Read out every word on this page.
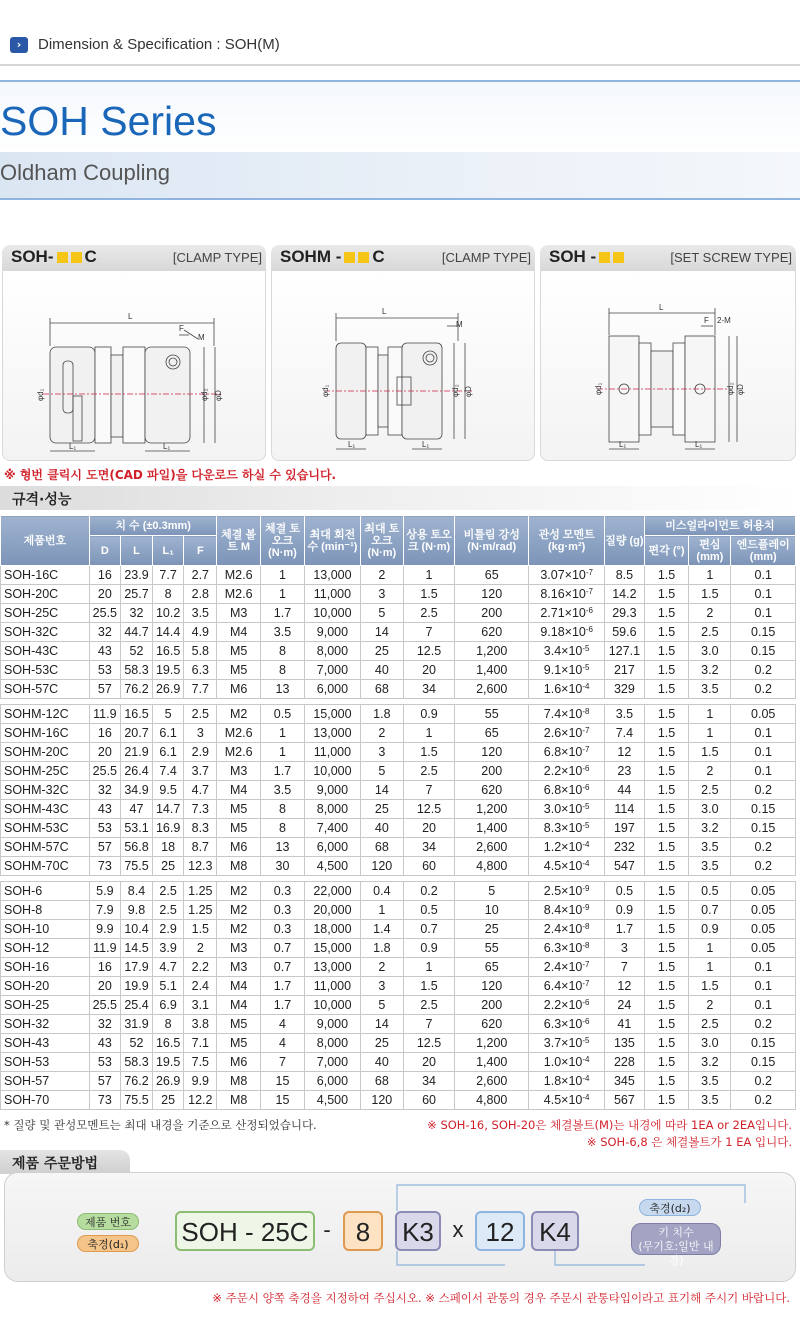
›	Dimension & Specification : SOH(M)
SOH Series
Oldham Coupling
SOH- C	[CLAMP TYPE]
L
F
M
L₁	L₁
φd₁	φd₂ φD
SOHM - C	[CLAMP TYPE]
L
M
L₁	L₁
φd₁	φd₂ φD
SOH -	[SET SCREW TYPE]
L
F 2-M
L₁	L₁
φd₁	φd₂ φD
※ 형번 클릭시 도면(CAD 파일)을 다운로드 하실 수 있습니다.
규격·성능
제품번호	치 수 (±0.3mm)				체결 볼트 M	체결 토오크 (N·m)	최대 회전수 (min⁻¹)	최대 토오크 (N·m)	상용 토오크 (N·m)	비틀림 강성 (N·m/rad)	관성 모멘트 (kg·m²)	질량 (g)	미스얼라이먼트 허용치		
	D	L	L₁	F									편각 (°)	편심 (mm)	엔드플레이 (mm)
SOH-16C	16	23.9	7.7	2.7	M2.6	1	13,000	2	1	65	$3.07\times 10^{-7}$	8.5	1.5	1	0.1
SOH-20C	20	25.7	8	2.8	M2.6	1	11,000	3	1.5	120	$8.16\times 10^{-7}$	14.2	1.5	1.5	0.1
SOH-25C	25.5	32	10.2	3.5	M3	1.7	10,000	5	2.5	200	$2.71\times 10^{-6}$	29.3	1.5	2	0.1
SOH-32C	32	44.7	14.4	4.9	M4	3.5	9,000	14	7	620	$9.18\times 10^{-6}$	59.6	1.5	2.5	0.15
SOH-43C	43	52	16.5	5.8	M5	8	8,000	25	12.5	1,200	$3.4\times 10^{-5}$	127.1	1.5	3.0	0.15
SOH-53C	53	58.3	19.5	6.3	M5	8	7,000	40	20	1,400	$9.1\times 10^{-5}$	217	1.5	3.2	0.2
SOH-57C	57	76.2	26.9	7.7	M6	13	6,000	68	34	2,600	$1.6\times 10^{-4}$	329	1.5	3.5	0.2

SOHM-12C	11.9	16.5	5	2.5	M2	0.5	15,000	1.8	0.9	55	$7.4\times 10^{-8}$	3.5	1.5	1	0.05
SOHM-16C	16	20.7	6.1	3	M2.6	1	13,000	2	1	65	$2.6\times 10^{-7}$	7.4	1.5	1	0.1
SOHM-20C	20	21.9	6.1	2.9	M2.6	1	11,000	3	1.5	120	$6.8\times 10^{-7}$	12	1.5	1.5	0.1
SOHM-25C	25.5	26.4	7.4	3.7	M3	1.7	10,000	5	2.5	200	$2.2\times 10^{-6}$	23	1.5	2	0.1
SOHM-32C	32	34.9	9.5	4.7	M4	3.5	9,000	14	7	620	$6.8\times 10^{-6}$	44	1.5	2.5	0.2
SOHM-43C	43	47	14.7	7.3	M5	8	8,000	25	12.5	1,200	$3.0\times 10^{-5}$	114	1.5	3.0	0.15
SOHM-53C	53	53.1	16.9	8.3	M5	8	7,400	40	20	1,400	$8.3\times 10^{-5}$	197	1.5	3.2	0.15
SOHM-57C	57	56.8	18	8.7	M6	13	6,000	68	34	2,600	$1.2\times 10^{-4}$	232	1.5	3.5	0.2
SOHM-70C	73	75.5	25	12.3	M8	30	4,500	120	60	4,800	$4.5\times 10^{-4}$	547	1.5	3.5	0.2

SOH-6	5.9	8.4	2.5	1.25	M2	0.3	22,000	0.4	0.2	5	$2.5\times 10^{-9}$	0.5	1.5	0.5	0.05
SOH-8	7.9	9.8	2.5	1.25	M2	0.3	20,000	1	0.5	10	$8.4\times 10^{-9}$	0.9	1.5	0.7	0.05
SOH-10	9.9	10.4	2.9	1.5	M2	0.3	18,000	1.4	0.7	25	$2.4\times 10^{-8}$	1.7	1.5	0.9	0.05
SOH-12	11.9	14.5	3.9	2	M3	0.7	15,000	1.8	0.9	55	$6.3\times 10^{-8}$	3	1.5	1	0.05
SOH-16	16	17.9	4.7	2.2	M3	0.7	13,000	2	1	65	$2.4\times 10^{-7}$	7	1.5	1	0.1
SOH-20	20	19.9	5.1	2.4	M4	1.7	11,000	3	1.5	120	$6.4\times 10^{-7}$	12	1.5	1.5	0.1
SOH-25	25.5	25.4	6.9	3.1	M4	1.7	10,000	5	2.5	200	$2.2\times 10^{-6}$	24	1.5	2	0.1
SOH-32	32	31.9	8	3.8	M5	4	9,000	14	7	620	$6.3\times 10^{-6}$	41	1.5	2.5	0.2
SOH-43	43	52	16.5	7.1	M5	4	8,000	25	12.5	1,200	$3.7\times 10^{-5}$	135	1.5	3.0	0.15
SOH-53	53	58.3	19.5	7.5	M6	7	7,000	40	20	1,400	$1.0\times 10^{-4}$	228	1.5	3.2	0.15
SOH-57	57	76.2	26.9	9.9	M8	15	6,000	68	34	2,600	$1.8\times 10^{-4}$	345	1.5	3.5	0.2
SOH-70	73	75.5	25	12.2	M8	15	4,500	120	60	4,800	$4.5\times 10^{-4}$	567	1.5	3.5	0.2
* 질량 및 관성모멘트는 최대 내경을 기준으로 산정되었습니다.	※ SOH-16, SOH-20은 체결볼트(M)는 내경에 따라 1EA or 2EA입니다.
※ SOH-6,8 은 체결볼트가 1 EA 입니다.
제품 주문방법
제품 번호
축경(d₁)	SOH - 25C - 8	K3 x 12 K4
축경(d₂)
키 치수
(무기호:일반 내경)
※ 주문시 양쪽 축경을 지정하여 주십시오. ※ 스페이서 관통의 경우 주문시 관통타입이라고 표기해 주시기 바랍니다.
